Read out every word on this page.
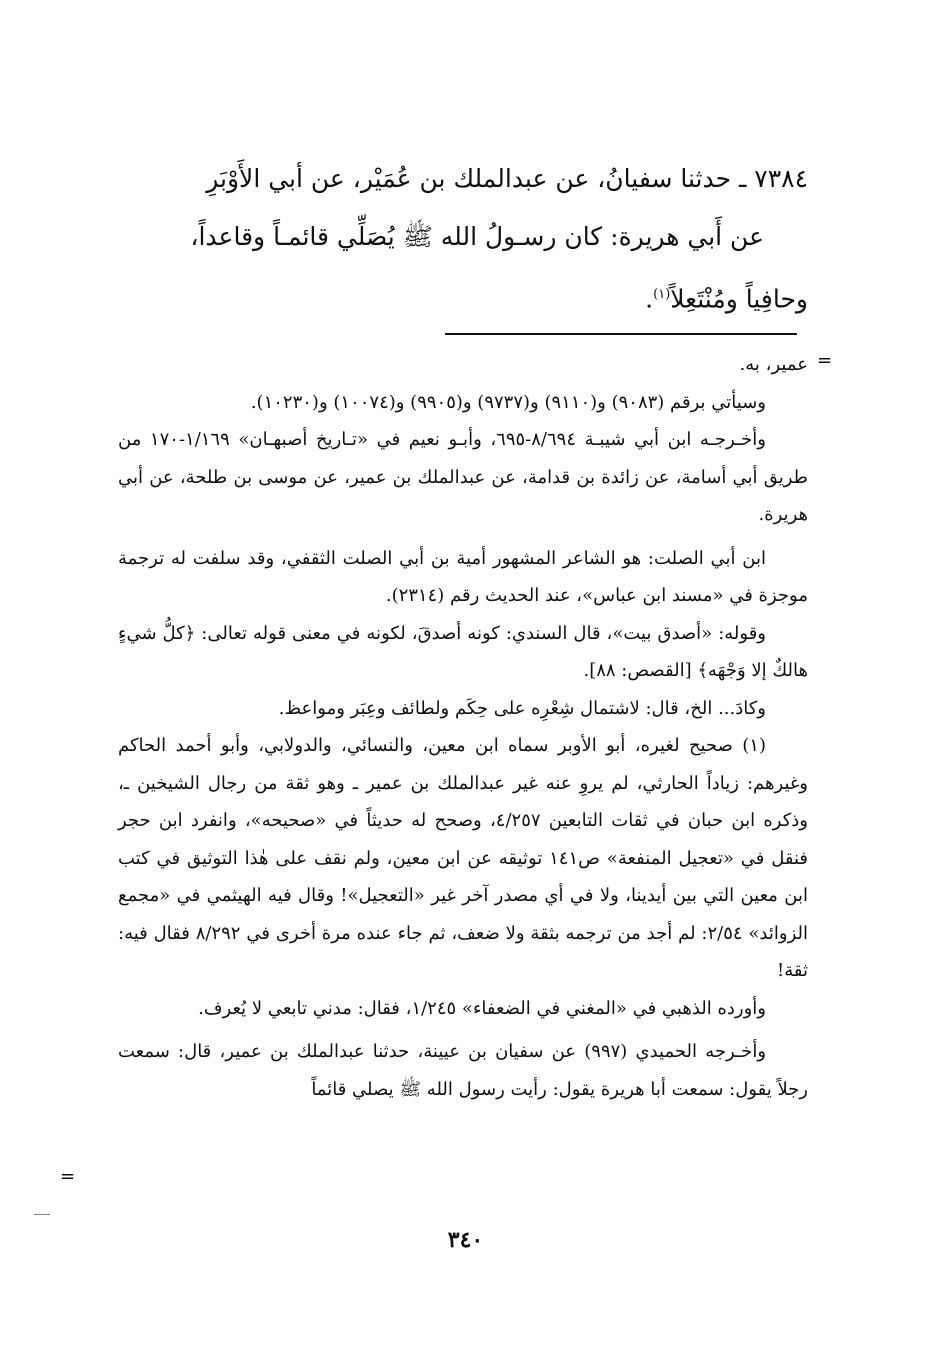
٧٣٨٤ ـ حدثنا سفيانُ، عن عبدالملك بن عُمَيْر، عن أبي الأَوْبَرِ

عن أَبي هريرة: كان رسـولُ الله ﷺ يُصَلِّي قائمـاً وقاعداً،

وحافِياً ومُنْتَعِلاً$^{(١)}$.

=

عمير، به.

وسيأتي برقم (٩٠٨٣) و(٩١١٠) و(٩٧٣٧) و(٩٩٠٥) و(١٠٠٧٤) و(١٠٢٣٠).

وأخـرجـه ابن أبي شيبـة ٨/٦٩٤-٦٩٥، وأبـو نعيم في «تـاريخ أصبهـان» ١/١٦٩-١٧٠ من طريق أبي أسامة، عن زائدة بن قدامة، عن عبدالملك بن عمير، عن موسى بن طلحة، عن أبي هريرة.

ابن أبي الصلت: هو الشاعر المشهور أمية بن أبي الصلت الثقفي، وقد سلفت له ترجمة موجزة في «مسند ابن عباس»، عند الحديث رقم (٢٣١٤).

وقوله: «أصدق بيت»، قال السندي: كونه أصدقَ، لكونه في معنى قوله تعالى: ﴿كلُّ شيءٍ هالكٌ إلا وَجْهَه﴾ [القصص: ٨٨].

وكادَ... الخ، قال: لاشتمال شِعْرِه على حِكَم ولطائف وعِبَر ومواعظ.

(١) صحيح لغيره، أبو الأوبر سماه ابن معين، والنسائي، والدولابي، وأبو أحمد الحاكم وغيرهم: زياداً الحارثي، لم يروِ عنه غير عبدالملك بن عمير ـ وهو ثقة من رجال الشيخين ـ، وذكره ابن حبان في ثقات التابعين ٤/٢٥٧، وصحح له حديثاً في «صحيحه»، وانفرد ابن حجر فنقل في «تعجيل المنفعة» ص١٤١ توثيقه عن ابن معين، ولم نقف على هٰذا التوثيق في كتب ابن معين التي بين أيدينا، ولا في أي مصدر آخر غير «التعجيل»! وقال فيه الهيثمي في «مجمع الزوائد» ٢/٥٤: لم أجد من ترجمه بثقة ولا ضعف، ثم جاء عنده مرة أخرى في ٨/٢٩٢ فقال فيه: ثقة!

وأورده الذهبي في «المغني في الضعفاء» ١/٢٤٥، فقال: مدني تابعي لا يُعرف.

وأخـرجه الحميدي (٩٩٧) عن سفيان بن عيينة، حدثنا عبدالملك بن عمير، قال: سمعت رجلاً يقول: سمعت أبا هريرة يقول: رأيت رسول الله ﷺ يصلي قائماً

=
٣٤٠
